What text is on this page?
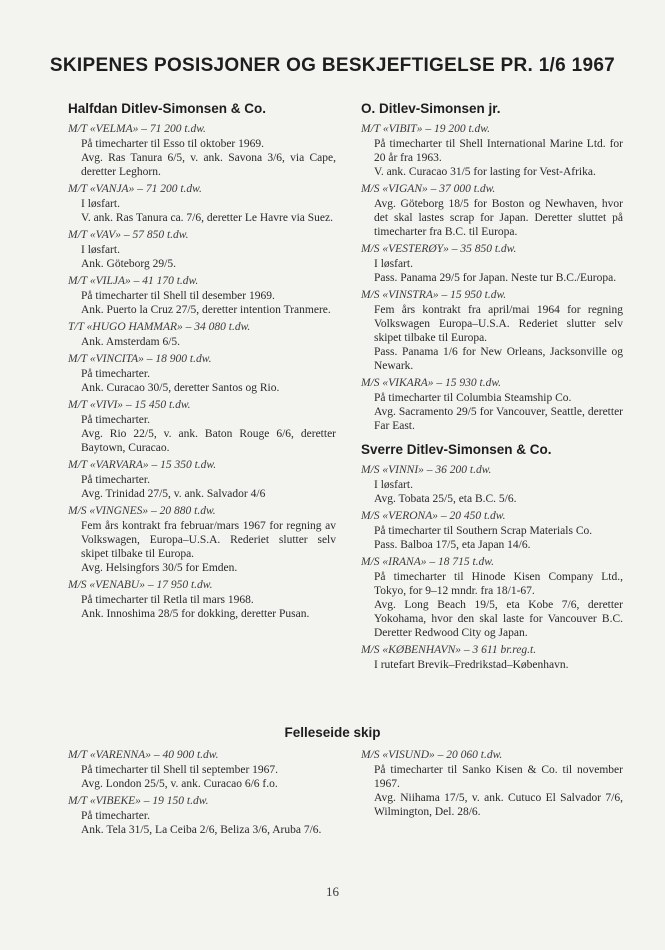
SKIPENES POSISJONER OG BESKJEFTIGELSE PR. 1/6 1967
Halfdan Ditlev-Simonsen & Co.
M/T «VELMA» – 71 200 t.dw.
På timecharter til Esso til oktober 1969.
Avg. Ras Tanura 6/5, v. ank. Savona 3/6, via Cape, deretter Leghorn.
M/T «VANJA» – 71 200 t.dw.
I løsfart.
V. ank. Ras Tanura ca. 7/6, deretter Le Havre via Suez.
M/T «VAV» – 57 850 t.dw.
I løsfart.
Ank. Göteborg 29/5.
M/T «VILJA» – 41 170 t.dw.
På timecharter til Shell til desember 1969.
Ank. Puerto la Cruz 27/5, deretter intention Tranmere.
T/T «HUGO HAMMAR» – 34 080 t.dw.
Ank. Amsterdam 6/5.
M/T «VINCITA» – 18 900 t.dw.
På timecharter.
Ank. Curacao 30/5, deretter Santos og Rio.
M/T «VIVI» – 15 450 t.dw.
På timecharter.
Avg. Rio 22/5, v. ank. Baton Rouge 6/6, deretter Baytown, Curacao.
M/T «VARVARA» – 15 350 t.dw.
På timecharter.
Avg. Trinidad 27/5, v. ank. Salvador 4/6
M/S «VINGNES» – 20 880 t.dw.
Fem års kontrakt fra februar/mars 1967 for regning av Volkswagen, Europa–U.S.A. Rederiet slutter selv skipet tilbake til Europa.
Avg. Helsingfors 30/5 for Emden.
M/S «VENABU» – 17 950 t.dw.
På timecharter til Retla til mars 1968.
Ank. Innoshima 28/5 for dokking, deretter Pusan.
O. Ditlev-Simonsen jr.
M/T «VIBIT» – 19 200 t.dw.
På timecharter til Shell International Marine Ltd. for 20 år fra 1963.
V. ank. Curacao 31/5 for lasting for Vest-Afrika.
M/S «VIGAN» – 37 000 t.dw.
Avg. Göteborg 18/5 for Boston og Newhaven, hvor det skal lastes scrap for Japan. Deretter sluttet på timecharter fra B.C. til Europa.
M/S «VESTERØY» – 35 850 t.dw.
I løsfart.
Pass. Panama 29/5 for Japan. Neste tur B.C./Europa.
M/S «VINSTRA» – 15 950 t.dw.
Fem års kontrakt fra april/mai 1964 for regning Volkswagen Europa–U.S.A. Rederiet slutter selv skipet tilbake til Europa.
Pass. Panama 1/6 for New Orleans, Jacksonville og Newark.
M/S «VIKARA» – 15 930 t.dw.
På timecharter til Columbia Steamship Co.
Avg. Sacramento 29/5 for Vancouver, Seattle, deretter Far East.
Sverre Ditlev-Simonsen & Co.
M/S «VINNI» – 36 200 t.dw.
I løsfart.
Avg. Tobata 25/5, eta B.C. 5/6.
M/S «VERONA» – 20 450 t.dw.
På timecharter til Southern Scrap Materials Co.
Pass. Balboa 17/5, eta Japan 14/6.
M/S «IRANA» – 18 715 t.dw.
På timecharter til Hinode Kisen Company Ltd., Tokyo, for 9–12 mndr. fra 18/1-67.
Avg. Long Beach 19/5, eta Kobe 7/6, deretter Yokohama, hvor den skal laste for Vancouver B.C. Deretter Redwood City og Japan.
M/S «KØBENHAVN» – 3 611 br.reg.t.
I rutefart Brevik–Fredrikstad–København.
Felleseide skip
M/T «VARENNA» – 40 900 t.dw.
På timecharter til Shell til september 1967.
Avg. London 25/5, v. ank. Curacao 6/6 f.o.
M/T «VIBEKE» – 19 150 t.dw.
På timecharter.
Ank. Tela 31/5, La Ceiba 2/6, Beliza 3/6, Aruba 7/6.
M/S «VISUND» – 20 060 t.dw.
På timecharter til Sanko Kisen & Co. til november 1967.
Avg. Niihama 17/5, v. ank. Cutuco El Salvador 7/6, Wilmington, Del. 28/6.
16
